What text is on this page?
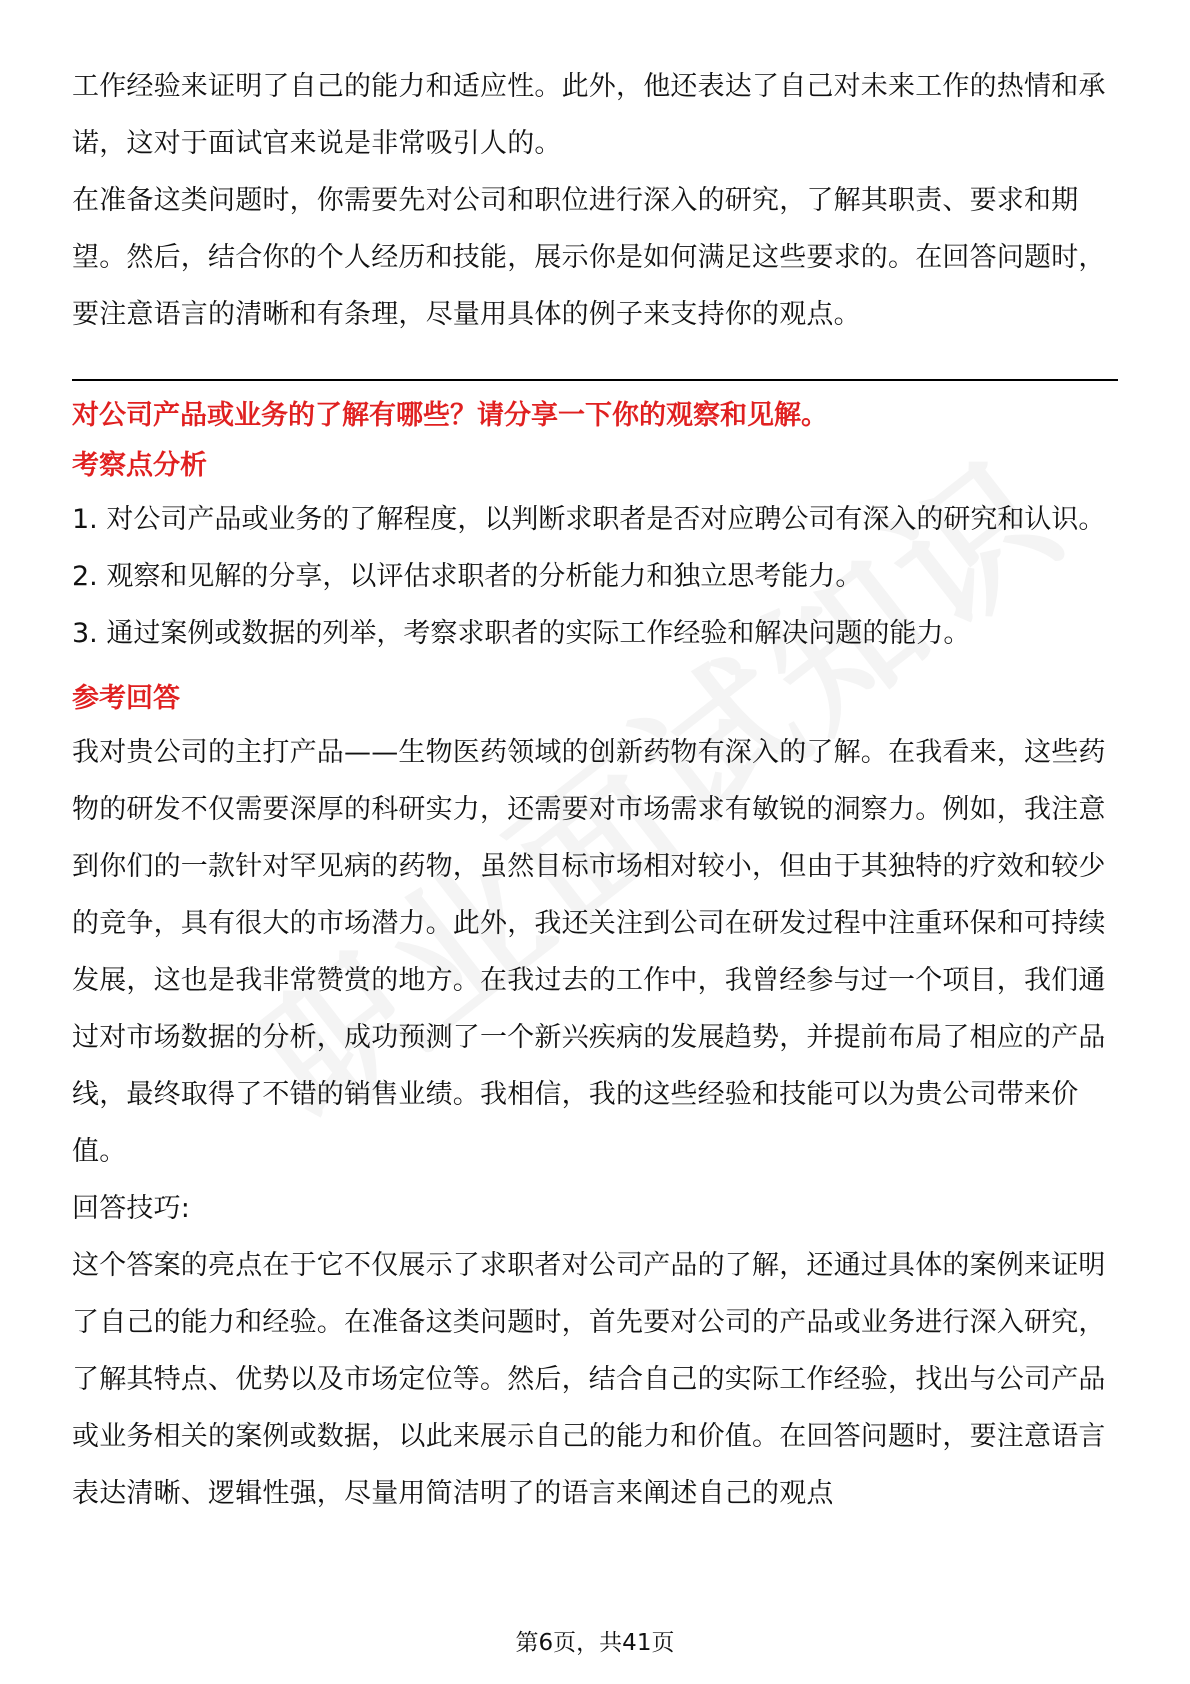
工作经验来证明了自己的能力和适应性。此外，他还表达了自己对未来工作的热情和承诺，这对于面试官来说是非常吸引人的。

在准备这类问题时，你需要先对公司和职位进行深入的研究，了解其职责、要求和期望。然后，结合你的个人经历和技能，展示你是如何满足这些要求的。在回答问题时，要注意语言的清晰和有条理，尽量用具体的例子来支持你的观点。

对公司产品或业务的了解有哪些？请分享一下你的观察和见解。

考察点分析

1. 对公司产品或业务的了解程度，以判断求职者是否对应聘公司有深入的研究和认识。

2. 观察和见解的分享，以评估求职者的分析能力和独立思考能力。

3. 通过案例或数据的列举，考察求职者的实际工作经验和解决问题的能力。

参考回答

我对贵公司的主打产品——生物医药领域的创新药物有深入的了解。在我看来，这些药物的研发不仅需要深厚的科研实力，还需要对市场需求有敏锐的洞察力。例如，我注意到你们的一款针对罕见病的药物，虽然目标市场相对较小，但由于其独特的疗效和较少的竞争，具有很大的市场潜力。此外，我还关注到公司在研发过程中注重环保和可持续发展，这也是我非常赞赏的地方。在我过去的工作中，我曾经参与过一个项目，我们通过对市场数据的分析，成功预测了一个新兴疾病的发展趋势，并提前布局了相应的产品线，最终取得了不错的销售业绩。我相信，我的这些经验和技能可以为贵公司带来价值。

回答技巧:

这个答案的亮点在于它不仅展示了求职者对公司产品的了解，还通过具体的案例来证明了自己的能力和经验。在准备这类问题时，首先要对公司的产品或业务进行深入研究，了解其特点、优势以及市场定位等。然后，结合自己的实际工作经验，找出与公司产品或业务相关的案例或数据，以此来展示自己的能力和价值。在回答问题时，要注意语言表达清晰、逻辑性强，尽量用简洁明了的语言来阐述自己的观点

第6页，共41页
